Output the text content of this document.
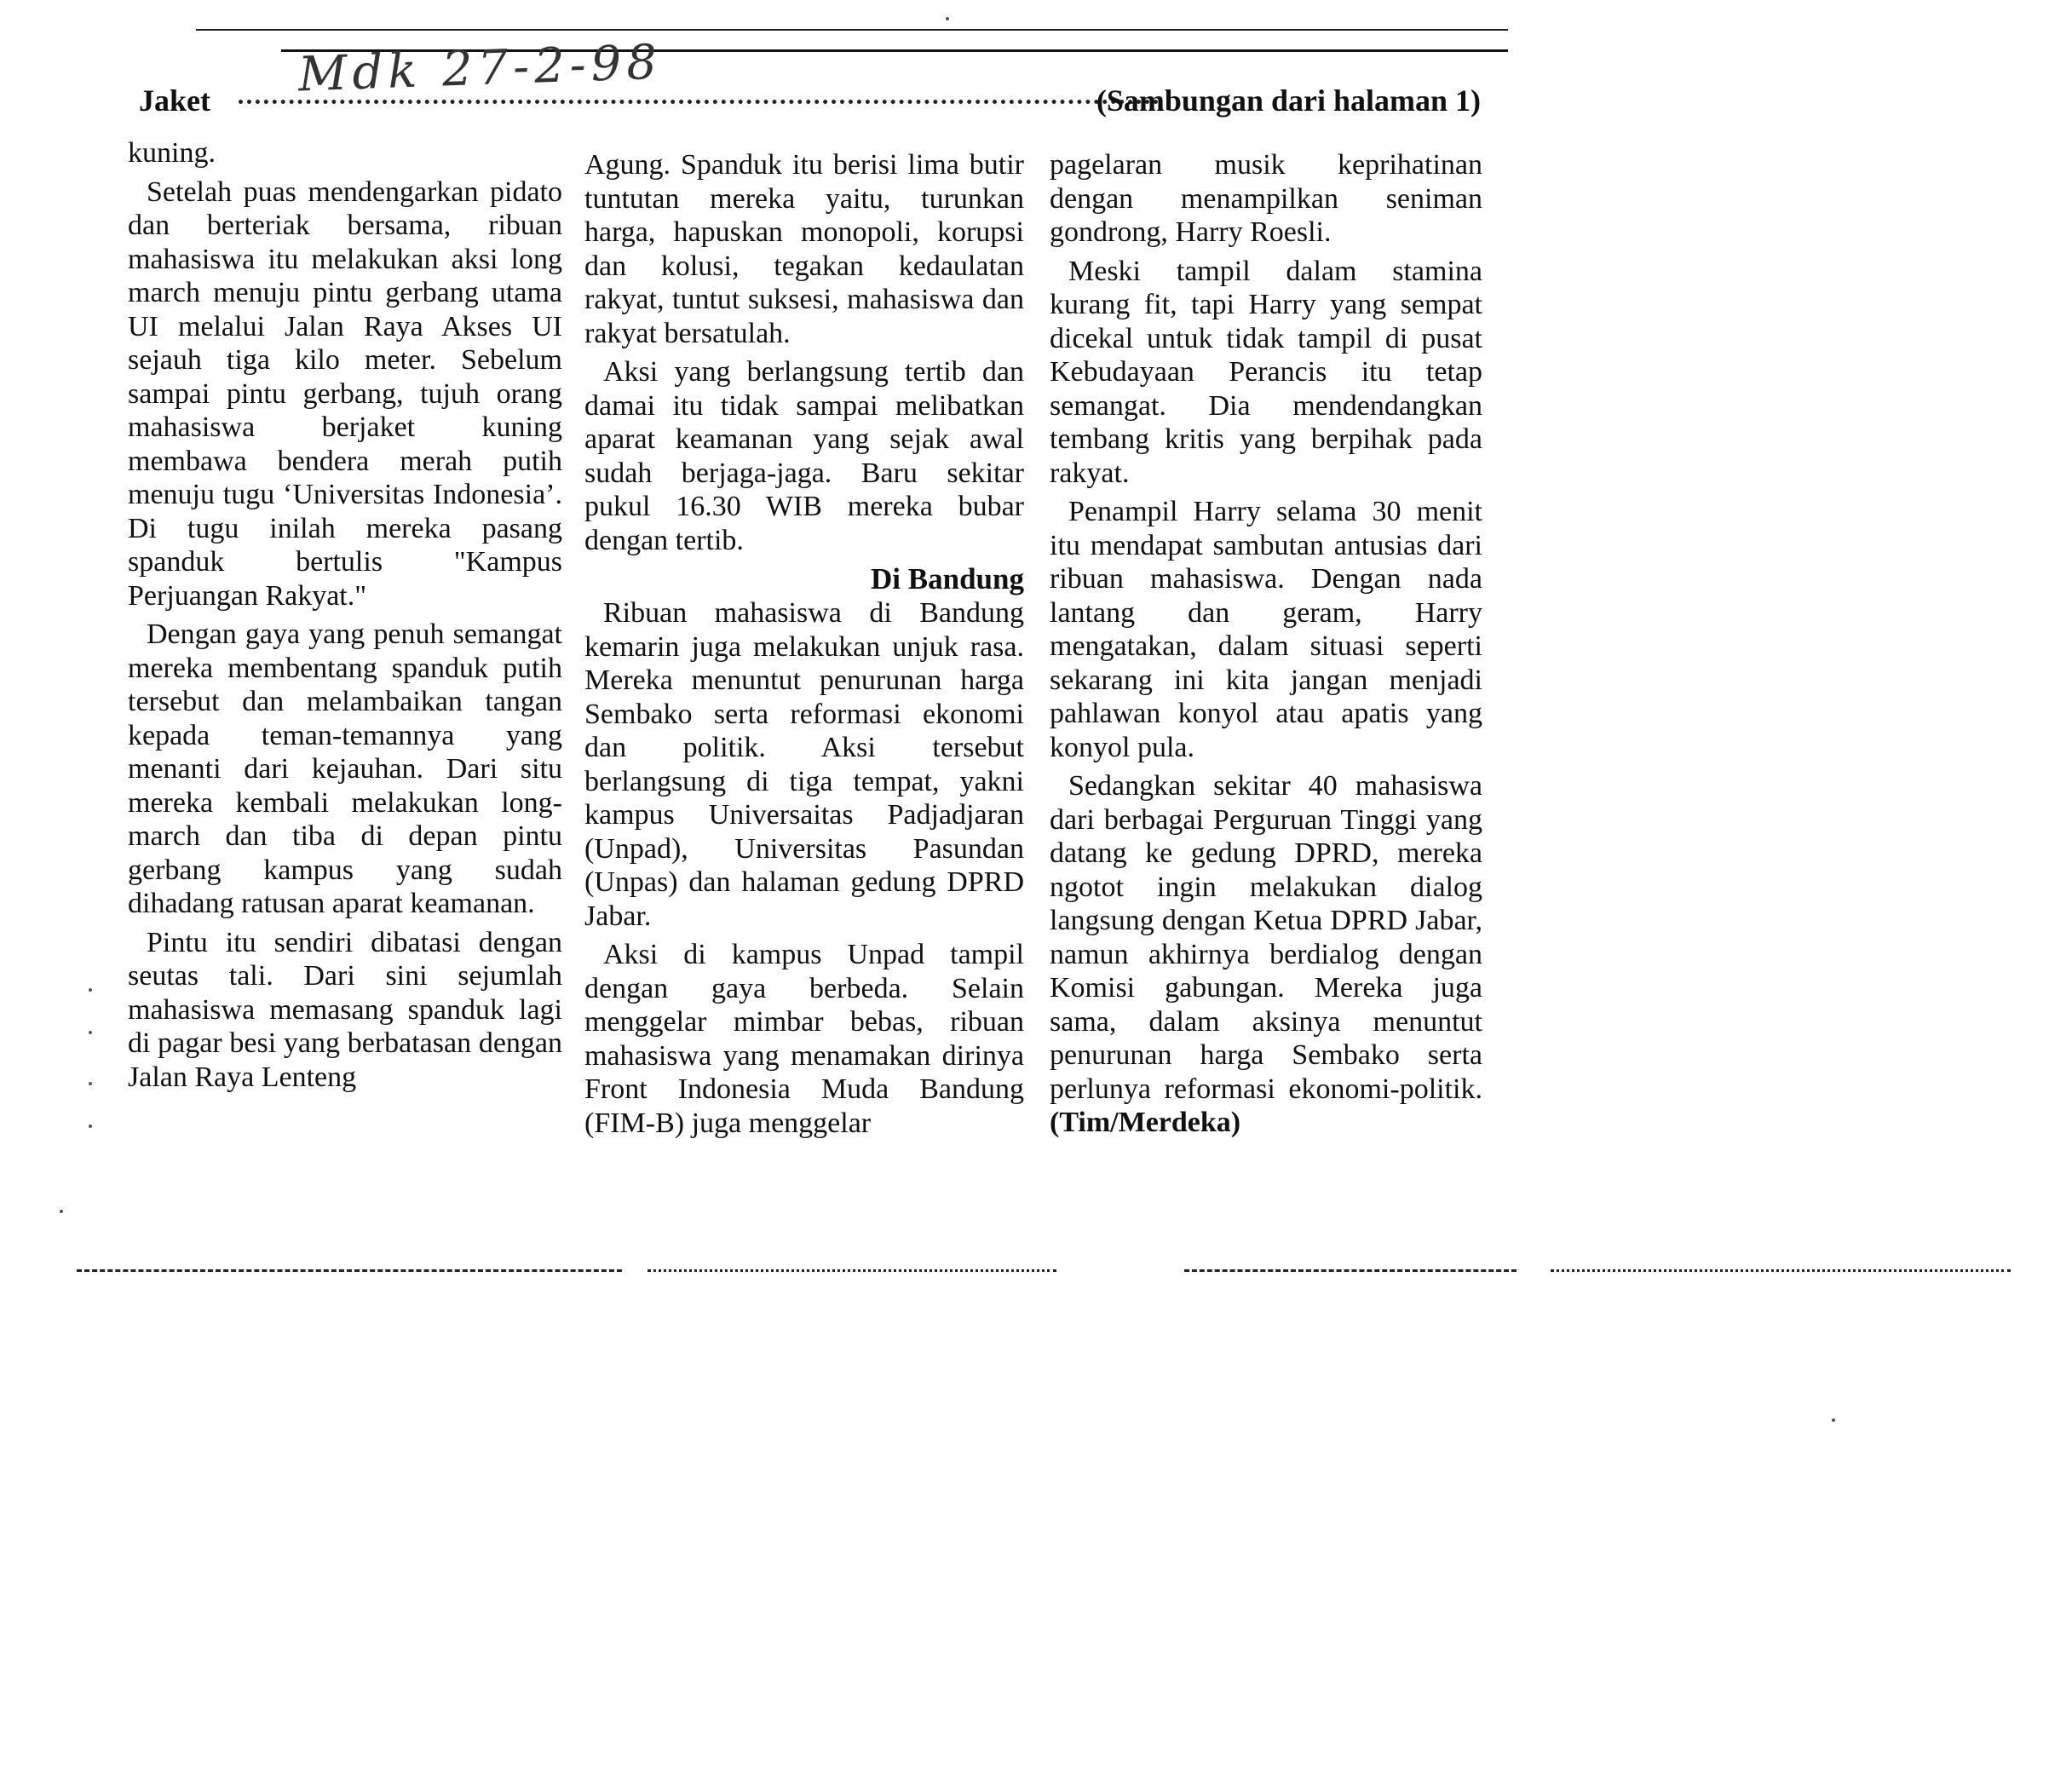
Mdk 27-2-98
Jaket	(Sambungan dari halaman 1)

kuning.

Setelah puas mendengarkan pidato dan berteriak bersama, ribuan mahasiswa itu melakukan aksi long march menuju pintu gerbang utama UI melalui Jalan Raya Akses UI sejauh tiga kilo meter. Sebelum sampai pintu gerbang, tujuh orang mahasiswa berjaket kuning membawa bendera merah putih menuju tugu ‘Universitas Indonesia’. Di tugu inilah mereka pasang spanduk bertulis "Kampus Perjuangan Rakyat."

Dengan gaya yang penuh semangat mereka membentang spanduk putih tersebut dan melambaikan tangan kepada teman-temannya yang menanti dari kejauhan. Dari situ mereka kembali melakukan long-march dan tiba di depan pintu gerbang kampus yang sudah dihadang ratusan aparat keamanan.

Pintu itu sendiri dibatasi dengan seutas tali. Dari sini sejumlah mahasiswa memasang spanduk lagi di pagar besi yang berbatasan dengan Jalan Raya Lenteng

Agung. Spanduk itu berisi lima butir tuntutan mereka yaitu, turunkan harga, hapuskan monopoli, korupsi dan kolusi, tegakan kedaulatan rakyat, tuntut suksesi, mahasiswa dan rakyat bersatulah.

Aksi yang berlangsung tertib dan damai itu tidak sampai melibatkan aparat keamanan yang sejak awal sudah berjaga-jaga. Baru sekitar pukul 16.30 WIB mereka bubar dengan tertib.

Di Bandung

Ribuan mahasiswa di Bandung kemarin juga melakukan unjuk rasa. Mereka menuntut penurunan harga Sembako serta reformasi ekonomi dan politik. Aksi tersebut berlangsung di tiga tempat, yakni kampus Universaitas Padjadjaran (Unpad), Universitas Pasundan (Unpas) dan halaman gedung DPRD Jabar.

Aksi di kampus Unpad tampil dengan gaya berbeda. Selain menggelar mimbar bebas, ribuan mahasiswa yang menamakan dirinya Front Indonesia Muda Bandung (FIM-B) juga menggelar

pagelaran musik keprihatinan dengan menampilkan seniman gondrong, Harry Roesli.

Meski tampil dalam stamina kurang fit, tapi Harry yang sempat dicekal untuk tidak tampil di pusat Kebudayaan Perancis itu tetap semangat. Dia mendendangkan tembang kritis yang berpihak pada rakyat.

Penampil Harry selama 30 menit itu mendapat sambutan antusias dari ribuan mahasiswa. Dengan nada lantang dan geram, Harry mengatakan, dalam situasi seperti sekarang ini kita jangan menjadi pahlawan konyol atau apatis yang konyol pula.

Sedangkan sekitar 40 mahasiswa dari berbagai Perguruan Tinggi yang datang ke gedung DPRD, mereka ngotot ingin melakukan dialog langsung dengan Ketua DPRD Jabar, namun akhirnya berdialog dengan Komisi gabungan. Mereka juga sama, dalam aksinya menuntut penurunan harga Sembako serta perlunya reformasi ekonomi-politik.(Tim/Merdeka)
